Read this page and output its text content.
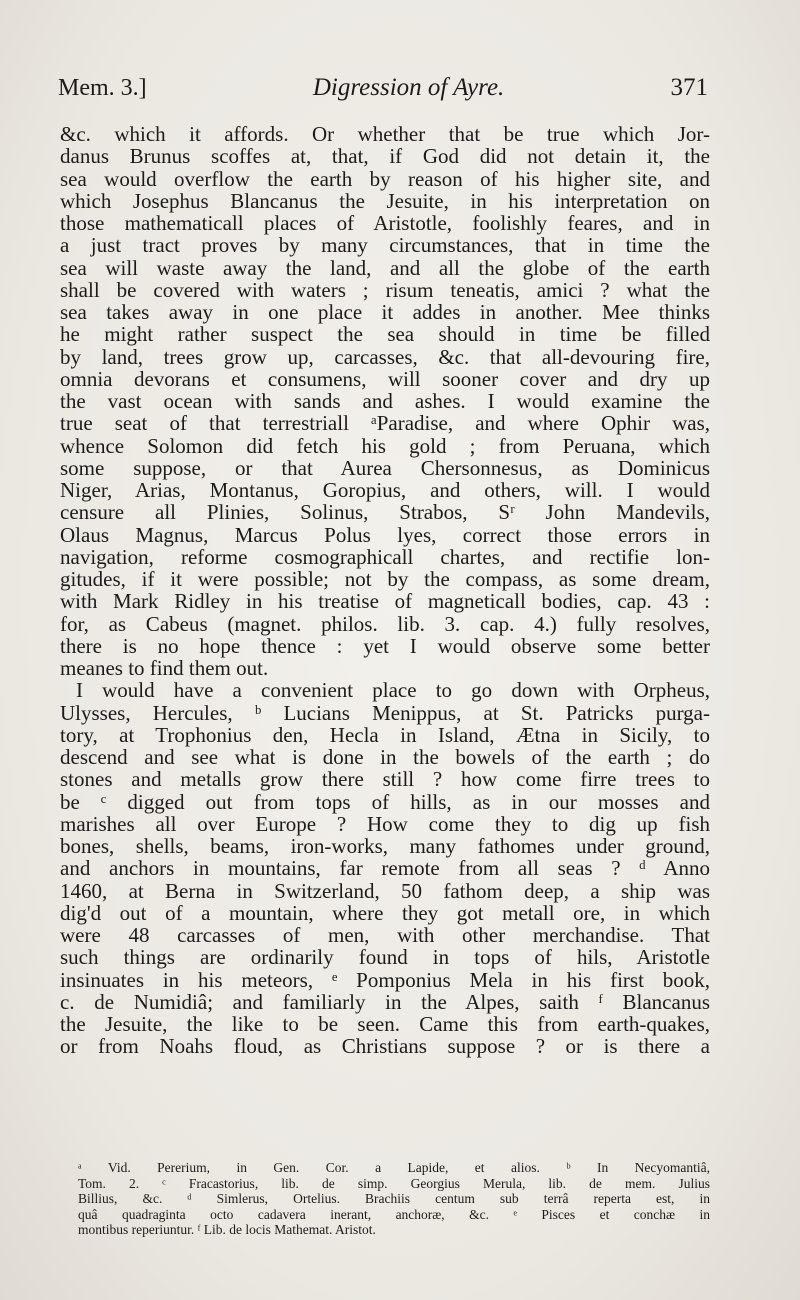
Mem. 3.]	Digression of Ayre.	371
&c. which it affords. Or whether that be true which Jor-
danus Brunus scoffes at, that, if God did not detain it, the
sea would overflow the earth by reason of his higher site, and
which Josephus Blancanus the Jesuite, in his interpretation on
those mathematicall places of Aristotle, foolishly feares, and in
a just tract proves by many circumstances, that in time the
sea will waste away the land, and all the globe of the earth
shall be covered with waters ; risum teneatis, amici ? what the
sea takes away in one place it addes in another. Mee thinks
he might rather suspect the sea should in time be filled
by land, trees grow up, carcasses, &c. that all-devouring fire,
omnia devorans et consumens, will sooner cover and dry up
the vast ocean with sands and ashes. I would examine the
true seat of that terrestriall ᵃParadise, and where Ophir was,
whence Solomon did fetch his gold ; from Peruana, which
some suppose, or that Aurea Chersonnesus, as Dominicus
Niger, Arias, Montanus, Goropius, and others, will. I would
censure all Plinies, Solinus, Strabos, Sʳ John Mandevils,
Olaus Magnus, Marcus Polus lyes, correct those errors in
navigation, reforme cosmographicall chartes, and rectifie lon-
gitudes, if it were possible; not by the compass, as some dream,
with Mark Ridley in his treatise of magneticall bodies, cap. 43 :
for, as Cabeus (magnet. philos. lib. 3. cap. 4.) fully resolves,
there is no hope thence : yet I would observe some better
meanes to find them out.
I would have a convenient place to go down with Orpheus,
Ulysses, Hercules, ᵇ Lucians Menippus, at St. Patricks purga-
tory, at Trophonius den, Hecla in Island, Ætna in Sicily, to
descend and see what is done in the bowels of the earth ; do
stones and metalls grow there still ? how come firre trees to
be ᶜ digged out from tops of hills, as in our mosses and
marishes all over Europe ? How come they to dig up fish
bones, shells, beams, iron-works, many fathomes under ground,
and anchors in mountains, far remote from all seas ? ᵈ Anno
1460, at Berna in Switzerland, 50 fathom deep, a ship was
dig'd out of a mountain, where they got metall ore, in which
were 48 carcasses of men, with other merchandise. That
such things are ordinarily found in tops of hils, Aristotle
insinuates in his meteors, ᵉ Pomponius Mela in his first book,
c. de Numidiâ; and familiarly in the Alpes, saith ᶠ Blancanus
the Jesuite, the like to be seen. Came this from earth-quakes,
or from Noahs floud, as Christians suppose ? or is there a
ᵃ Vid. Pererium, in Gen. Cor. a Lapide, et alios. ᵇ In Necyomantiâ,
Tom. 2. ᶜ Fracastorius, lib. de simp. Georgius Merula, lib. de mem. Julius
Billius, &c. ᵈ Simlerus, Ortelius. Brachiis centum sub terrâ reperta est, in
quâ quadraginta octo cadavera inerant, anchoræ, &c. ᵉ Pisces et conchæ in
montibus reperiuntur. ᶠ Lib. de locis Mathemat. Aristot.
